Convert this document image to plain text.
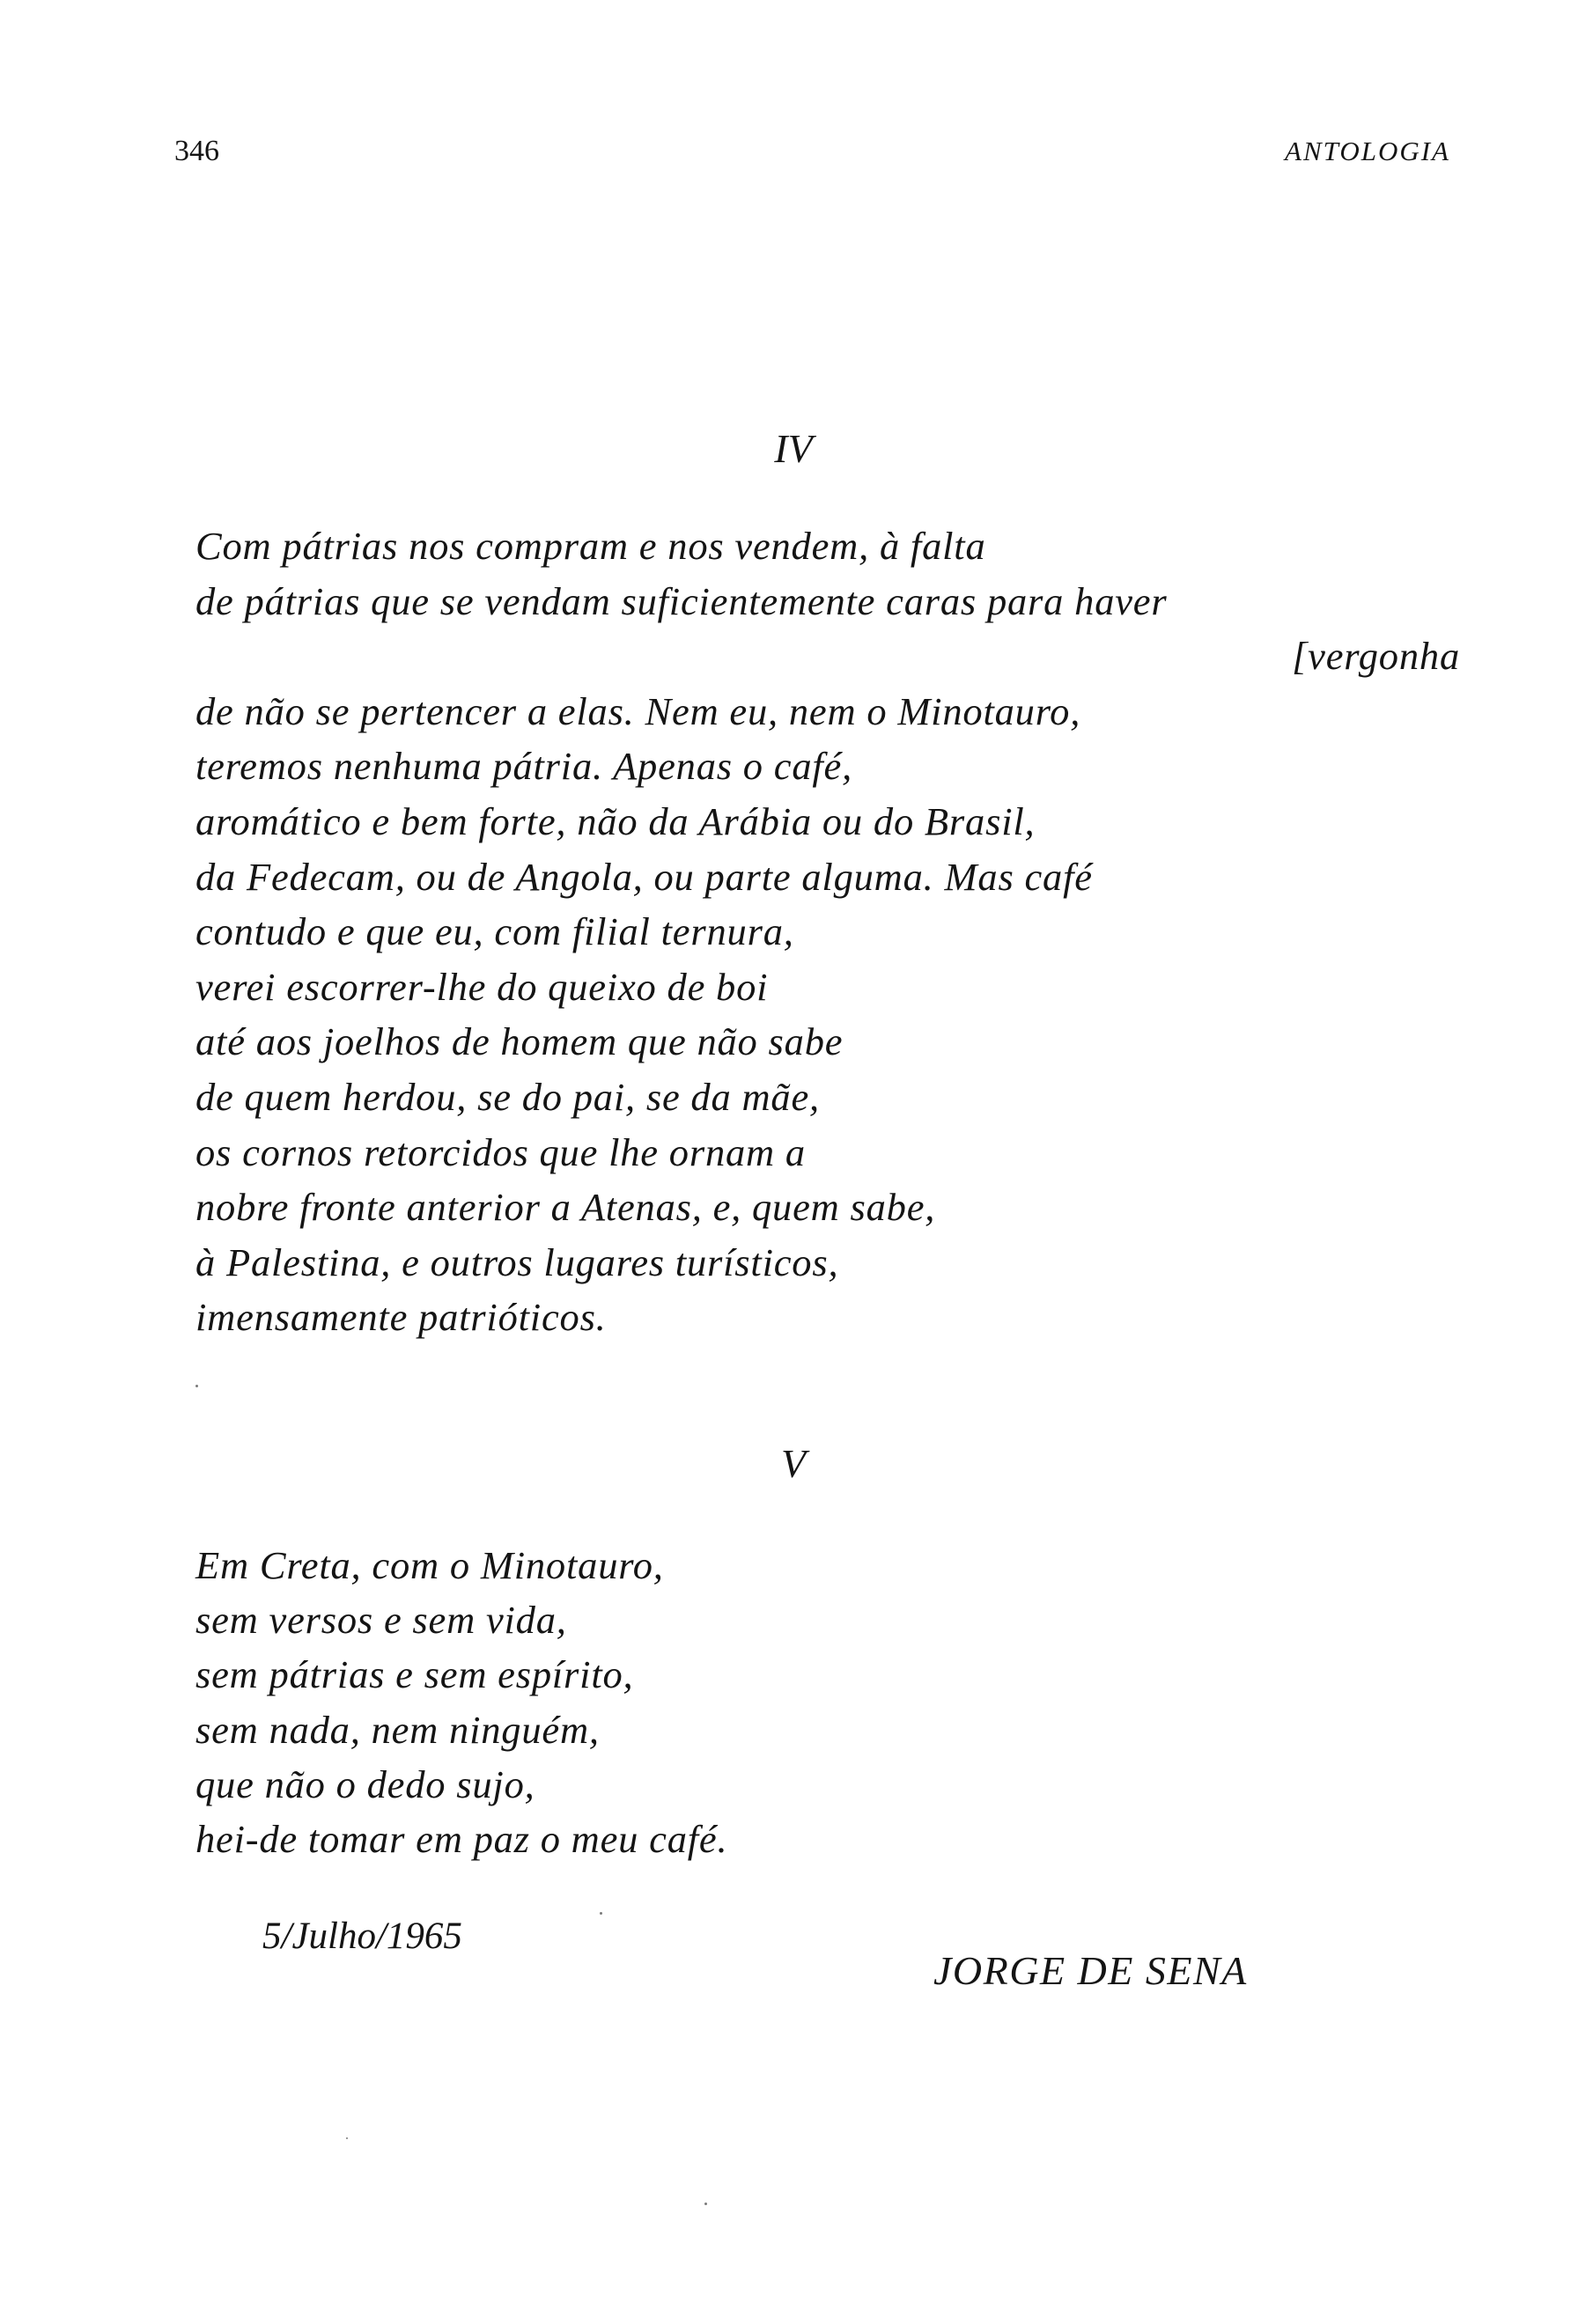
346	ANTOLOGIA
IV
Com pátrias nos compram e nos vendem, à falta
de pátrias que se vendam suficientemente caras para haver
[vergonha
de não se pertencer a elas. Nem eu, nem o Minotauro,
teremos nenhuma pátria. Apenas o café,
aromático e bem forte, não da Arábia ou do Brasil,
da Fedecam, ou de Angola, ou parte alguma. Mas café
contudo e que eu, com filial ternura,
verei escorrer-lhe do queixo de boi
até aos joelhos de homem que não sabe
de quem herdou, se do pai, se da mãe,
os cornos retorcidos que lhe ornam a
nobre fronte anterior a Atenas, e, quem sabe,
à Palestina, e outros lugares turísticos,
imensamente patrióticos.
V
Em Creta, com o Minotauro,
sem versos e sem vida,
sem pátrias e sem espírito,
sem nada, nem ninguém,
que não o dedo sujo,
hei-de tomar em paz o meu café.
5/Julho/1965
JORGE DE SENA
